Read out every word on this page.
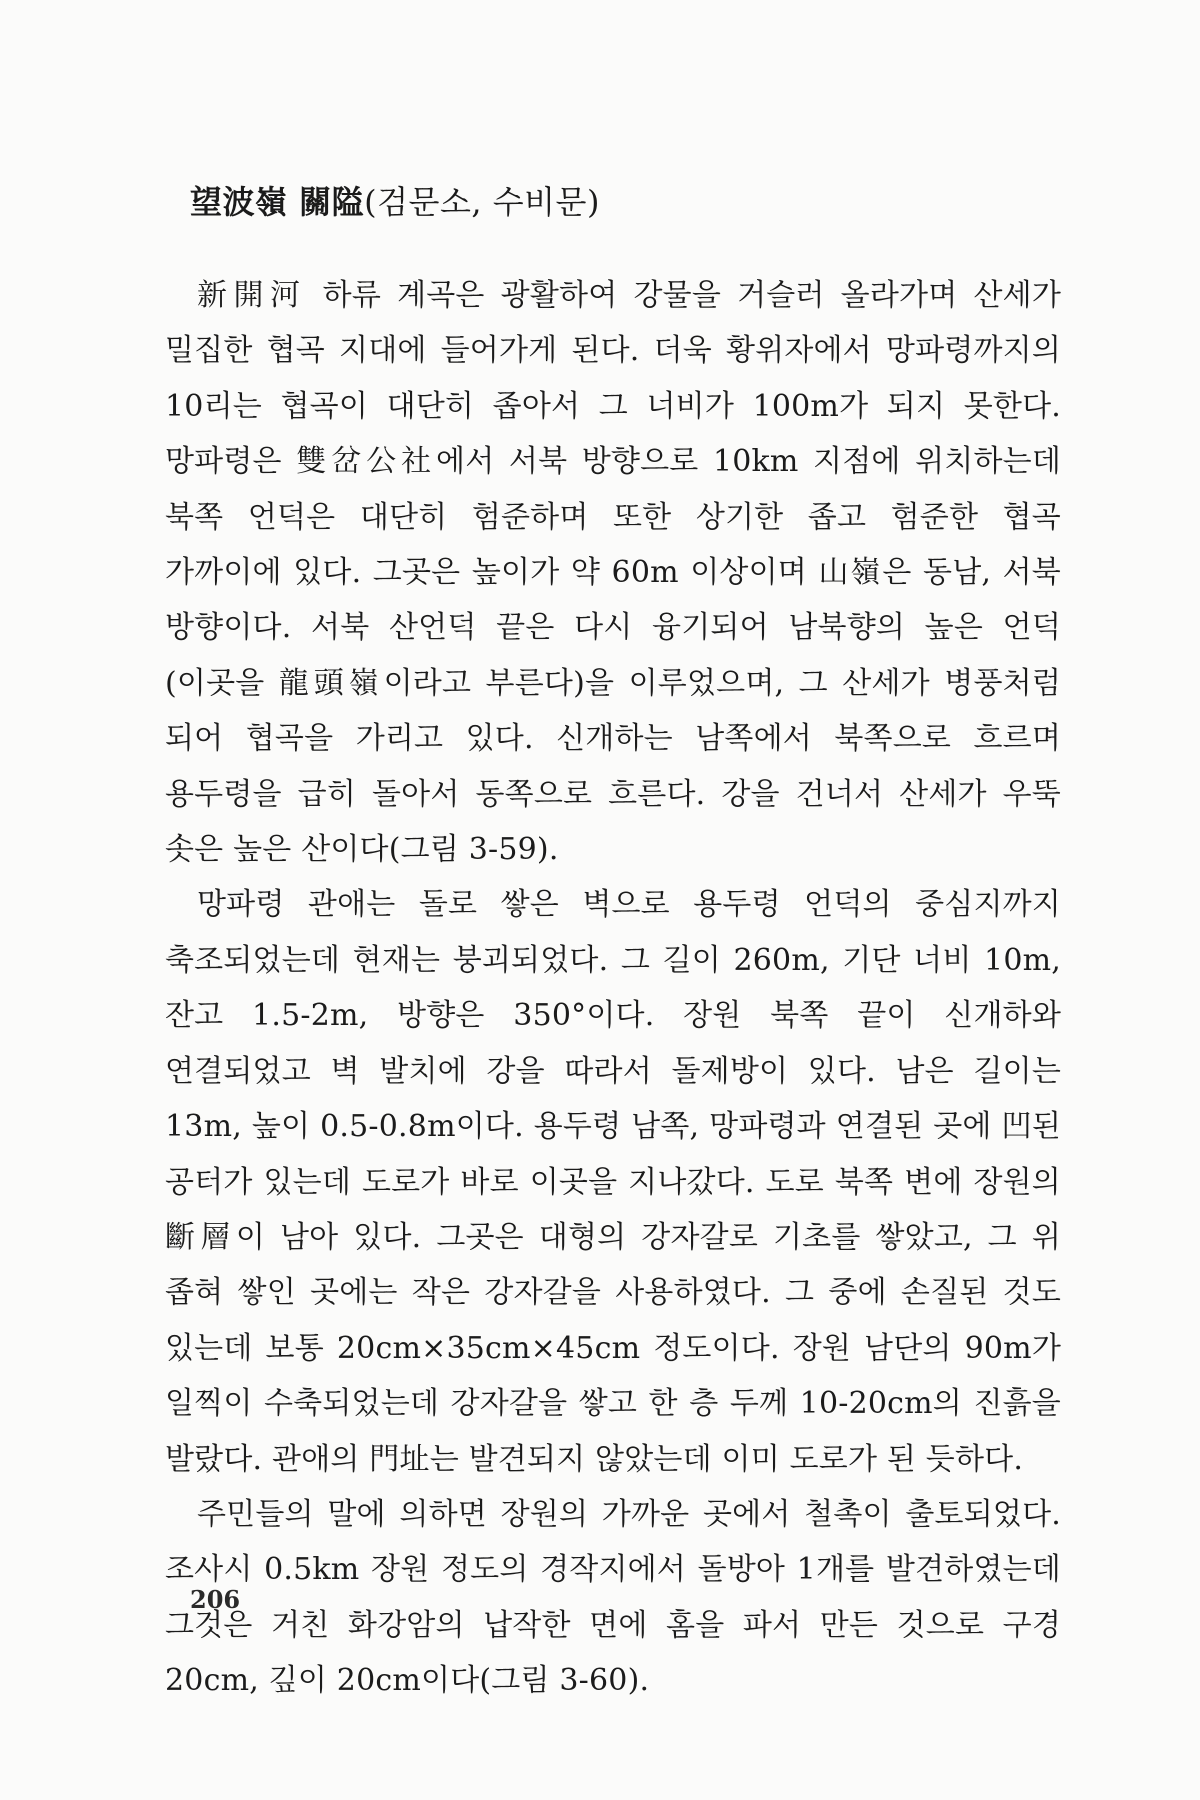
望波嶺 關隘(검문소, 수비문)

新開河 하류 계곡은 광활하여 강물을 거슬러 올라가며 산세가 밀집한 협곡 지대에 들어가게 된다. 더욱 황위자에서 망파령까지의 10리는 협곡이 대단히 좁아서 그 너비가 100m가 되지 못한다. 망파령은 雙岔公社에서 서북 방향으로 10km 지점에 위치하는데 북쪽 언덕은 대단히 험준하며 또한 상기한 좁고 험준한 협곡 가까이에 있다. 그곳은 높이가 약 60m 이상이며 山嶺은 동남, 서북 방향이다. 서북 산언덕 끝은 다시 융기되어 남북향의 높은 언덕(이곳을 龍頭嶺이라고 부른다)을 이루었으며, 그 산세가 병풍처럼 되어 협곡을 가리고 있다. 신개하는 남쪽에서 북쪽으로 흐르며 용두령을 급히 돌아서 동쪽으로 흐른다. 강을 건너서 산세가 우뚝 솟은 높은 산이다(그림 3-59).

망파령 관애는 돌로 쌓은 벽으로 용두령 언덕의 중심지까지 축조되었는데 현재는 붕괴되었다. 그 길이 260m, 기단 너비 10m, 잔고 1.5-2m, 방향은 350°이다. 장원 북쪽 끝이 신개하와 연결되었고 벽 발치에 강을 따라서 돌제방이 있다. 남은 길이는 13m, 높이 0.5-0.8m이다. 용두령 남쪽, 망파령과 연결된 곳에 凹된 공터가 있는데 도로가 바로 이곳을 지나갔다. 도로 북쪽 변에 장원의 斷層이 남아 있다. 그곳은 대형의 강자갈로 기초를 쌓았고, 그 위 좁혀 쌓인 곳에는 작은 강자갈을 사용하였다. 그 중에 손질된 것도 있는데 보통 20cm×35cm×45cm 정도이다. 장원 남단의 90m가 일찍이 수축되었는데 강자갈을 쌓고 한 층 두께 10-20cm의 진흙을 발랐다. 관애의 門址는 발견되지 않았는데 이미 도로가 된 듯하다.

주민들의 말에 의하면 장원의 가까운 곳에서 철촉이 출토되었다. 조사시 0.5km 장원 정도의 경작지에서 돌방아 1개를 발견하였는데 그것은 거친 화강암의 납작한 면에 홈을 파서 만든 것으로 구경 20cm, 깊이 20cm이다(그림 3-60).

206
